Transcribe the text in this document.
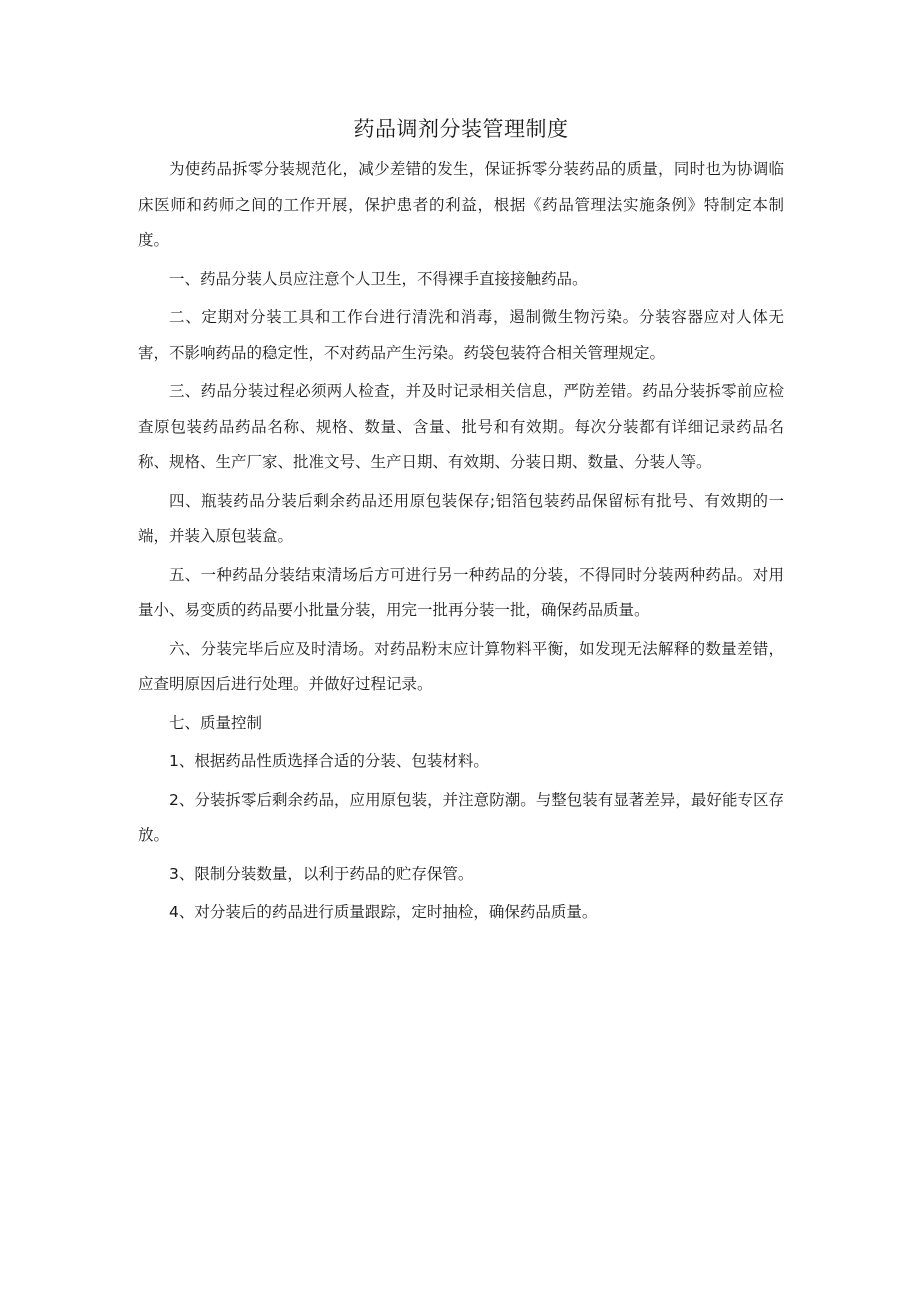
药品调剂分装管理制度

为使药品拆零分装规范化，减少差错的发生，保证拆零分装药品的质量，同时也为协调临床医师和药师之间的工作开展，保护患者的利益，根据《药品管理法实施条例》特制定本制度。

一、药品分装人员应注意个人卫生，不得裸手直接接触药品。

二、定期对分装工具和工作台进行清洗和消毒，遏制微生物污染。分装容器应对人体无害，不影响药品的稳定性，不对药品产生污染。药袋包装符合相关管理规定。

三、药品分装过程必须两人检查，并及时记录相关信息，严防差错。药品分装拆零前应检查原包装药品药品名称、规格、数量、含量、批号和有效期。每次分装都有详细记录药品名称、规格、生产厂家、批准文号、生产日期、有效期、分装日期、数量、分装人等。

四、瓶装药品分装后剩余药品还用原包装保存;铝箔包装药品保留标有批号、有效期的一端，并装入原包装盒。

五、一种药品分装结束清场后方可进行另一种药品的分装，不得同时分装两种药品。对用量小、易变质的药品要小批量分装，用完一批再分装一批，确保药品质量。

六、分装完毕后应及时清场。对药品粉末应计算物料平衡，如发现无法解释的数量差错，应查明原因后进行处理。并做好过程记录。

七、质量控制

1、根据药品性质选择合适的分装、包装材料。

2、分装拆零后剩余药品，应用原包装，并注意防潮。与整包装有显著差异，最好能专区存放。

3、限制分装数量，以利于药品的贮存保管。

4、对分装后的药品进行质量跟踪，定时抽检，确保药品质量。
